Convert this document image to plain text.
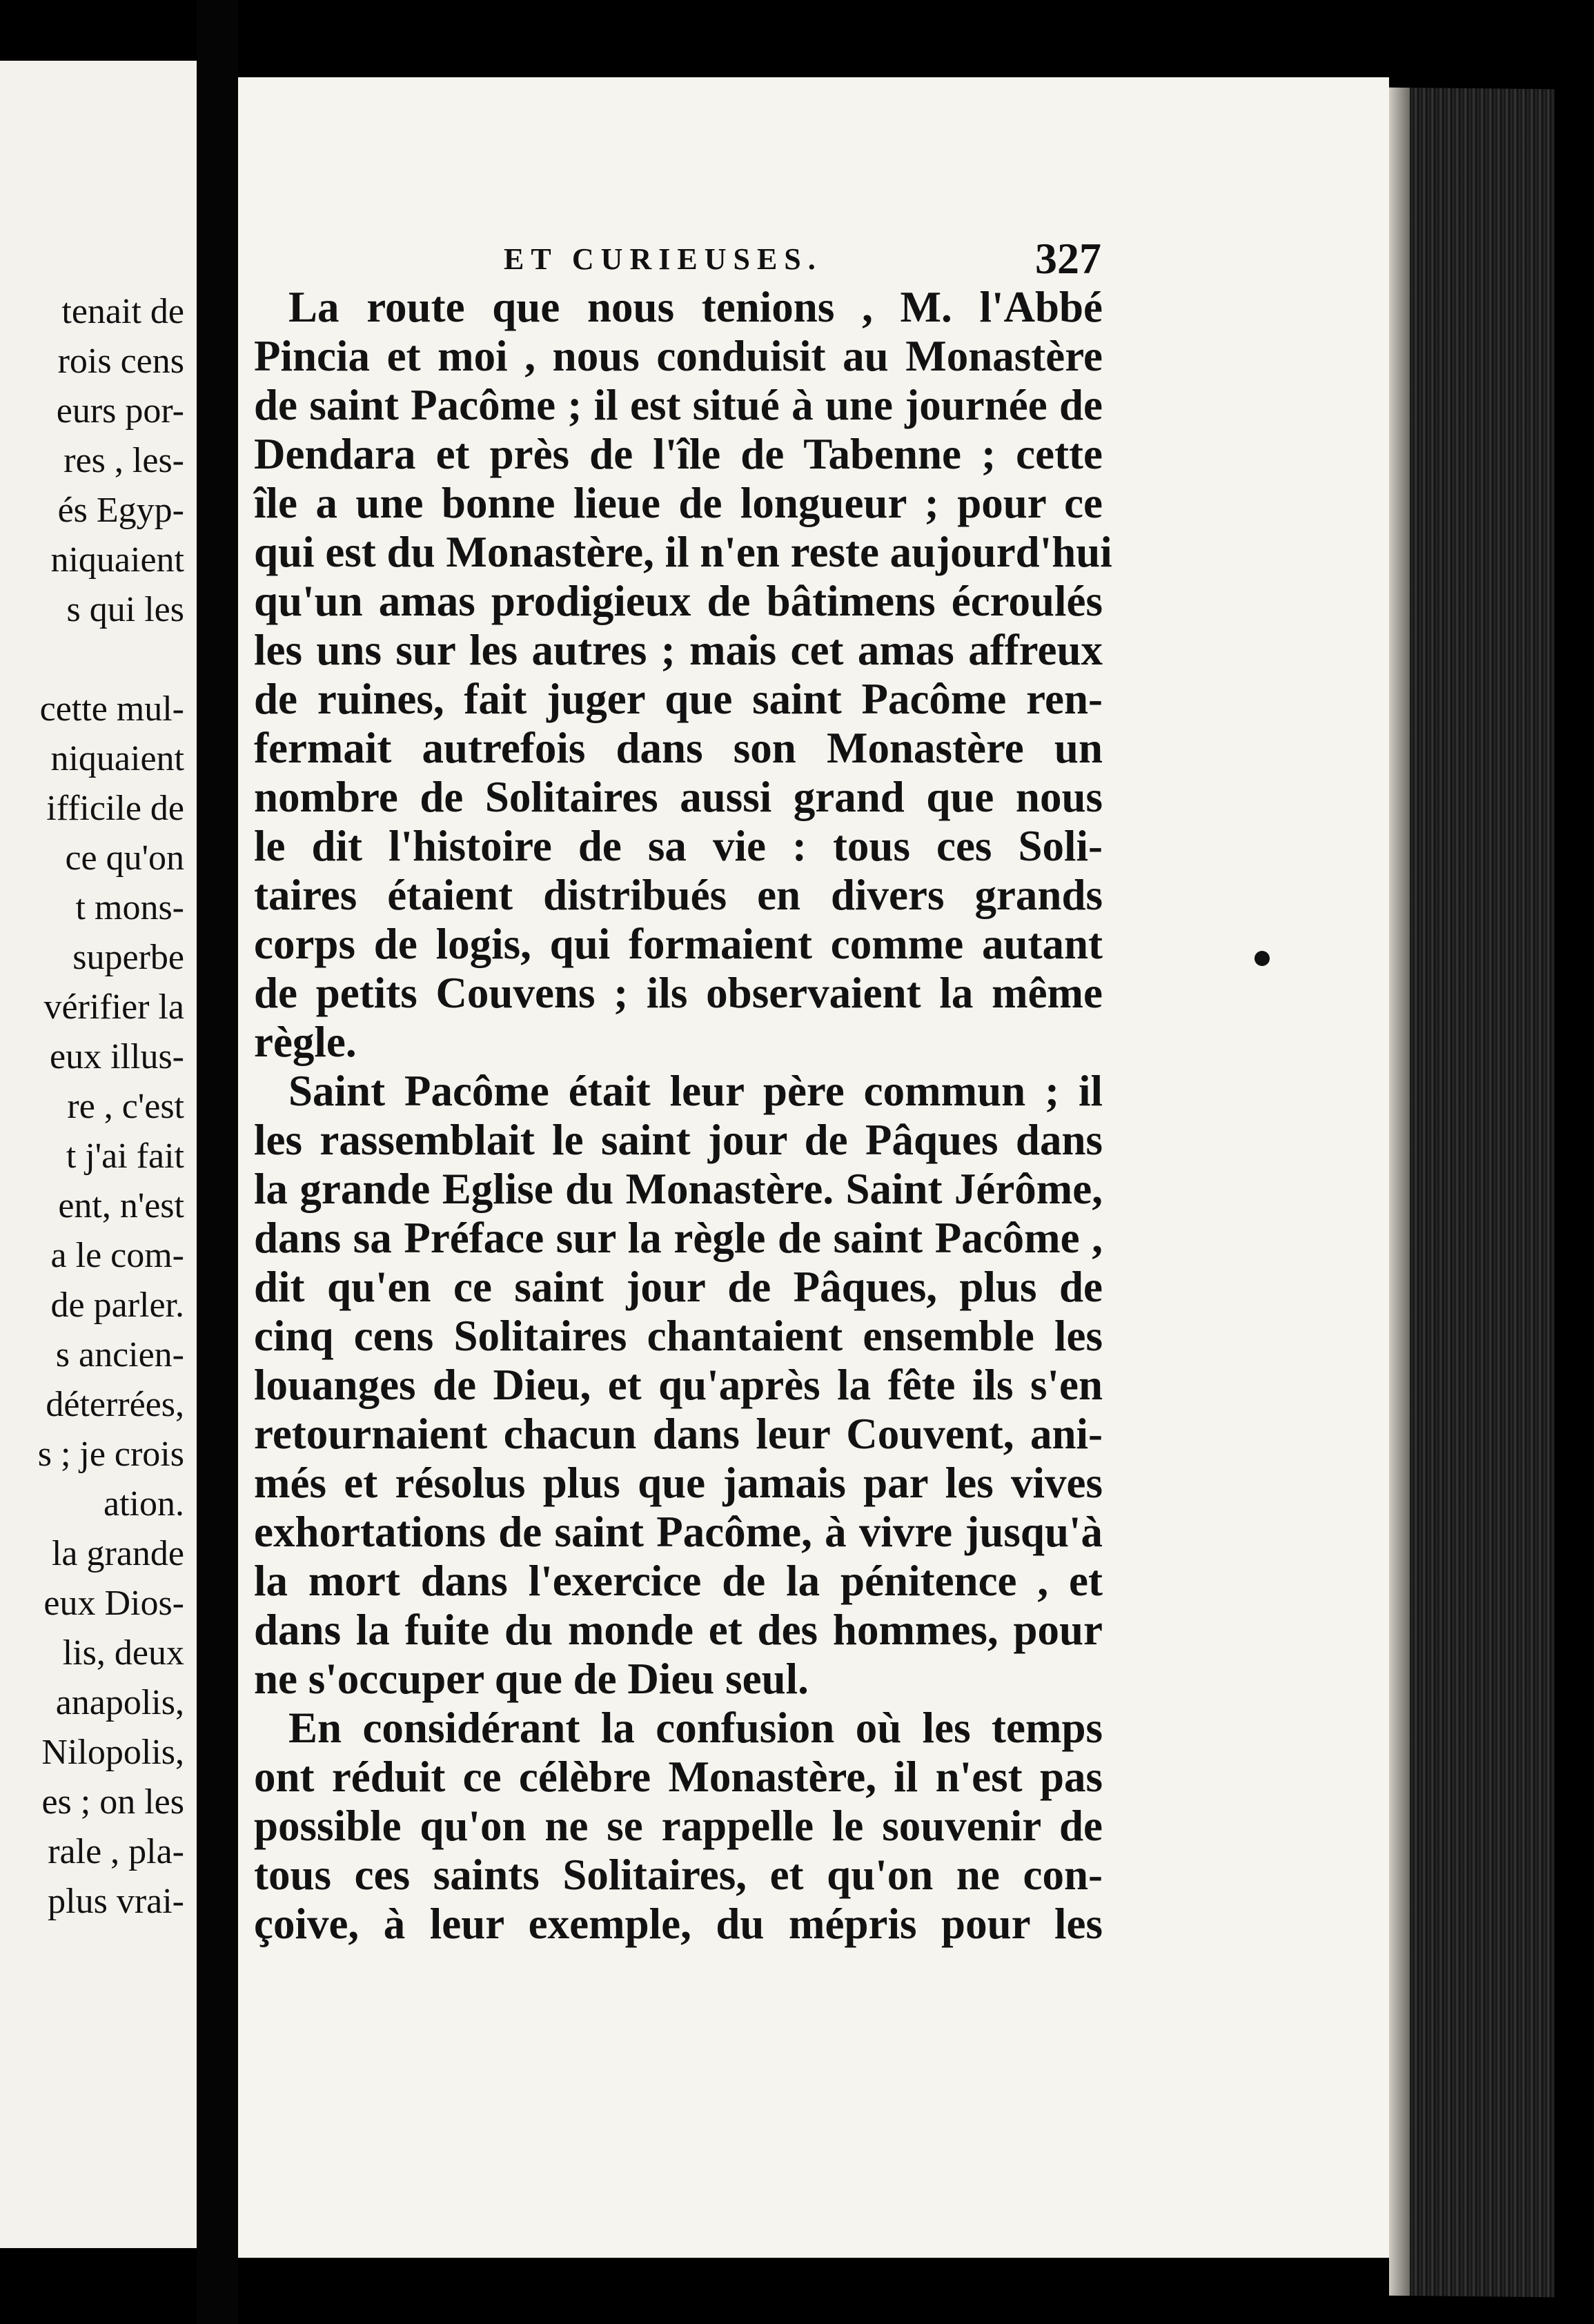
tenait de
rois cens
eurs por-
res , les-
és Egyp-
niquaient
s qui les
cette mul-
niquaient
ifficile de
ce qu'on
t mons-
superbe
vérifier la
eux illus-
re , c'est
t j'ai fait
ent, n'est
a le com-
de parler.
s ancien-
déterrées,
s ; je crois
ation.
la grande
eux Dios-
lis, deux
anapolis,
Nilopolis,
es ; on les
rale , pla-
plus vrai-
ET CURIEUSES.	327
La route que nous tenions , M. l'Abbé
Pincia et moi , nous conduisit au Monastère
de saint Pacôme ; il est situé à une journée de
Dendara et près de l'île de Tabenne ; cette
île a une bonne lieue de longueur ; pour ce
qui est du Monastère, il n'en reste aujourd'hui
qu'un amas prodigieux de bâtimens écroulés
les uns sur les autres ; mais cet amas affreux
de ruines, fait juger que saint Pacôme ren-
fermait autrefois dans son Monastère un
nombre de Solitaires aussi grand que nous
le dit l'histoire de sa vie : tous ces Soli-
taires étaient distribués en divers grands
corps de logis, qui formaient comme autant
de petits Couvens ; ils observaient la même
règle.
Saint Pacôme était leur père commun ; il
les rassemblait le saint jour de Pâques dans
la grande Eglise du Monastère. Saint Jérôme,
dans sa Préface sur la règle de saint Pacôme ,
dit qu'en ce saint jour de Pâques, plus de
cinq cens Solitaires chantaient ensemble les
louanges de Dieu, et qu'après la fête ils s'en
retournaient chacun dans leur Couvent, ani-
més et résolus plus que jamais par les vives
exhortations de saint Pacôme, à vivre jusqu'à
la mort dans l'exercice de la pénitence , et
dans la fuite du monde et des hommes, pour
ne s'occuper que de Dieu seul.
En considérant la confusion où les temps
ont réduit ce célèbre Monastère, il n'est pas
possible qu'on ne se rappelle le souvenir de
tous ces saints Solitaires, et qu'on ne con-
çoive, à leur exemple, du mépris pour les
